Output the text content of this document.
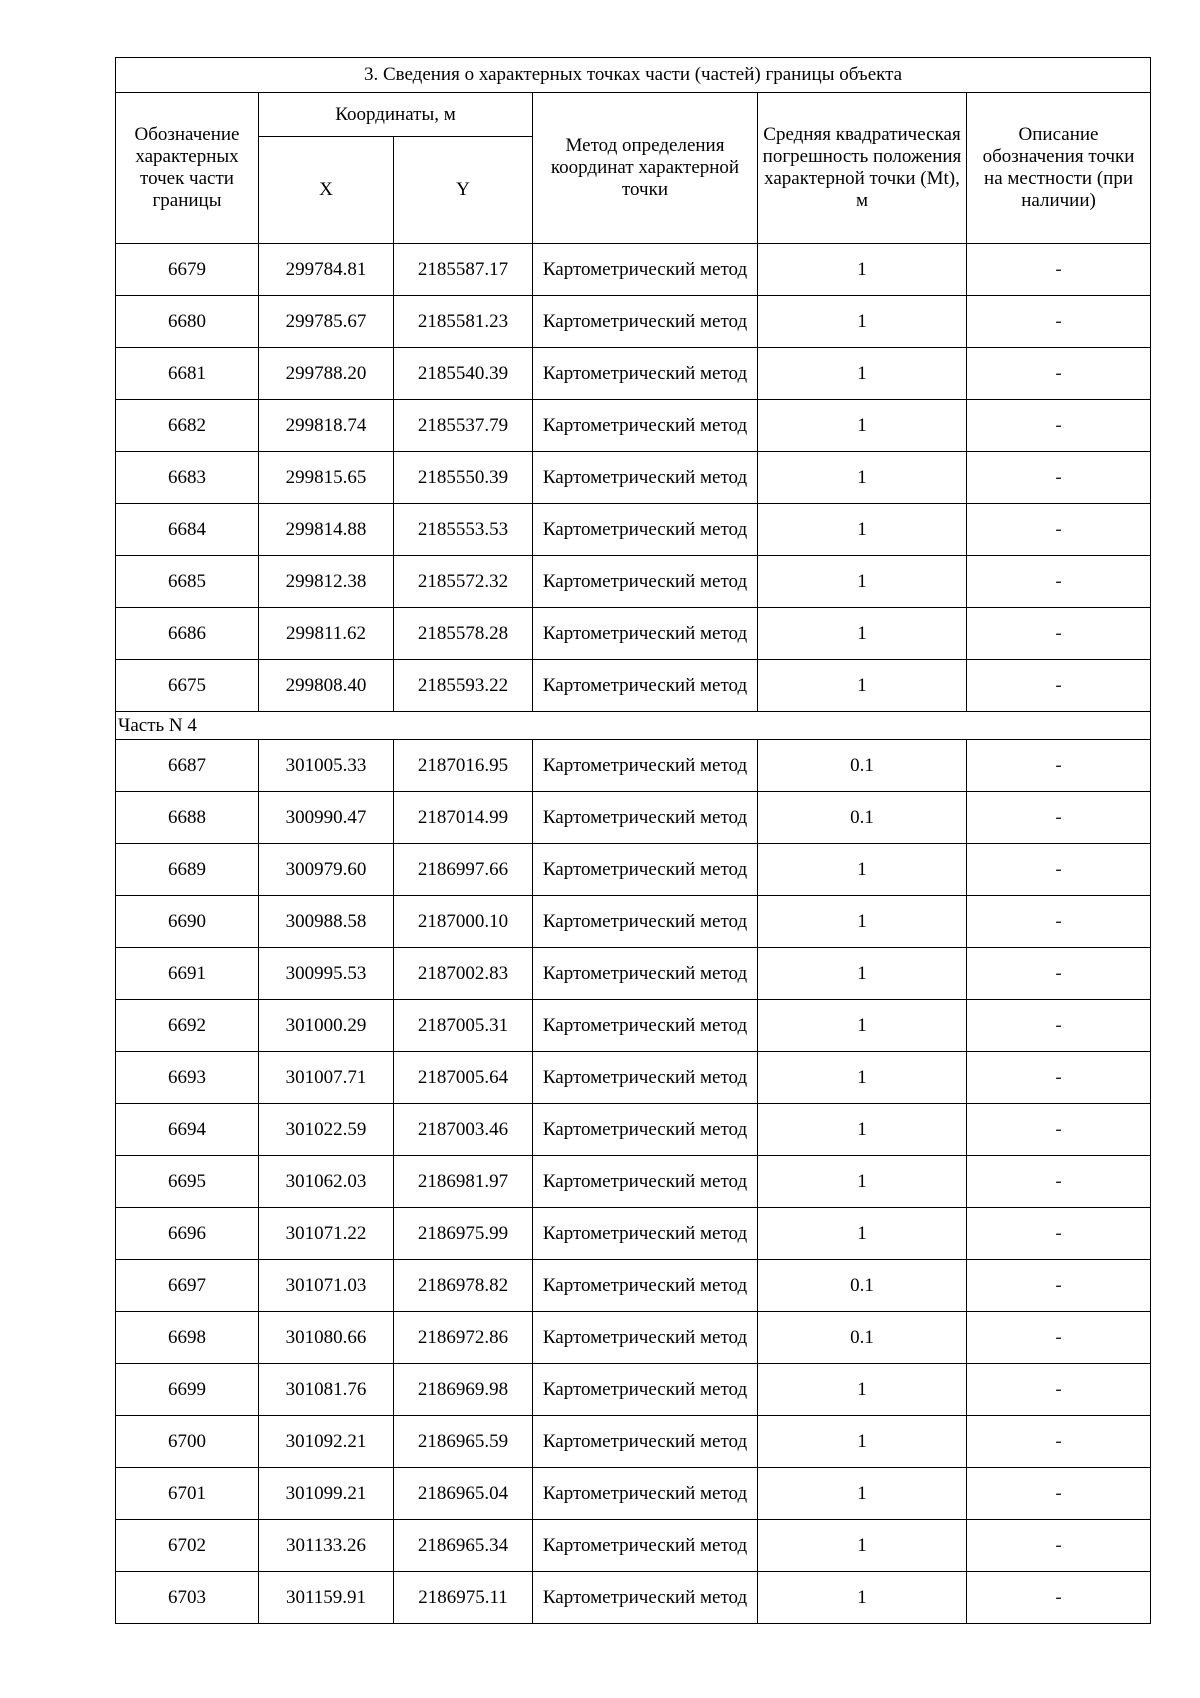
3. Сведения о характерных точках части (частей) границы объекта					
Обозначение характерных точек части границы	Координаты, м		Метод определения координат характерной точки	Средняя квадратическая погрешность положения характерной точки (Mt), м	Описание обозначения точки на местности (при наличии)
	X	Y			
6679	299784.81	2185587.17	Картометрический метод	1	-
6680	299785.67	2185581.23	Картометрический метод	1	-
6681	299788.20	2185540.39	Картометрический метод	1	-
6682	299818.74	2185537.79	Картометрический метод	1	-
6683	299815.65	2185550.39	Картометрический метод	1	-
6684	299814.88	2185553.53	Картометрический метод	1	-
6685	299812.38	2185572.32	Картометрический метод	1	-
6686	299811.62	2185578.28	Картометрический метод	1	-
6675	299808.40	2185593.22	Картометрический метод	1	-
Часть N 4					
6687	301005.33	2187016.95	Картометрический метод	0.1	-
6688	300990.47	2187014.99	Картометрический метод	0.1	-
6689	300979.60	2186997.66	Картометрический метод	1	-
6690	300988.58	2187000.10	Картометрический метод	1	-
6691	300995.53	2187002.83	Картометрический метод	1	-
6692	301000.29	2187005.31	Картометрический метод	1	-
6693	301007.71	2187005.64	Картометрический метод	1	-
6694	301022.59	2187003.46	Картометрический метод	1	-
6695	301062.03	2186981.97	Картометрический метод	1	-
6696	301071.22	2186975.99	Картометрический метод	1	-
6697	301071.03	2186978.82	Картометрический метод	0.1	-
6698	301080.66	2186972.86	Картометрический метод	0.1	-
6699	301081.76	2186969.98	Картометрический метод	1	-
6700	301092.21	2186965.59	Картометрический метод	1	-
6701	301099.21	2186965.04	Картометрический метод	1	-
6702	301133.26	2186965.34	Картометрический метод	1	-
6703	301159.91	2186975.11	Картометрический метод	1	-
